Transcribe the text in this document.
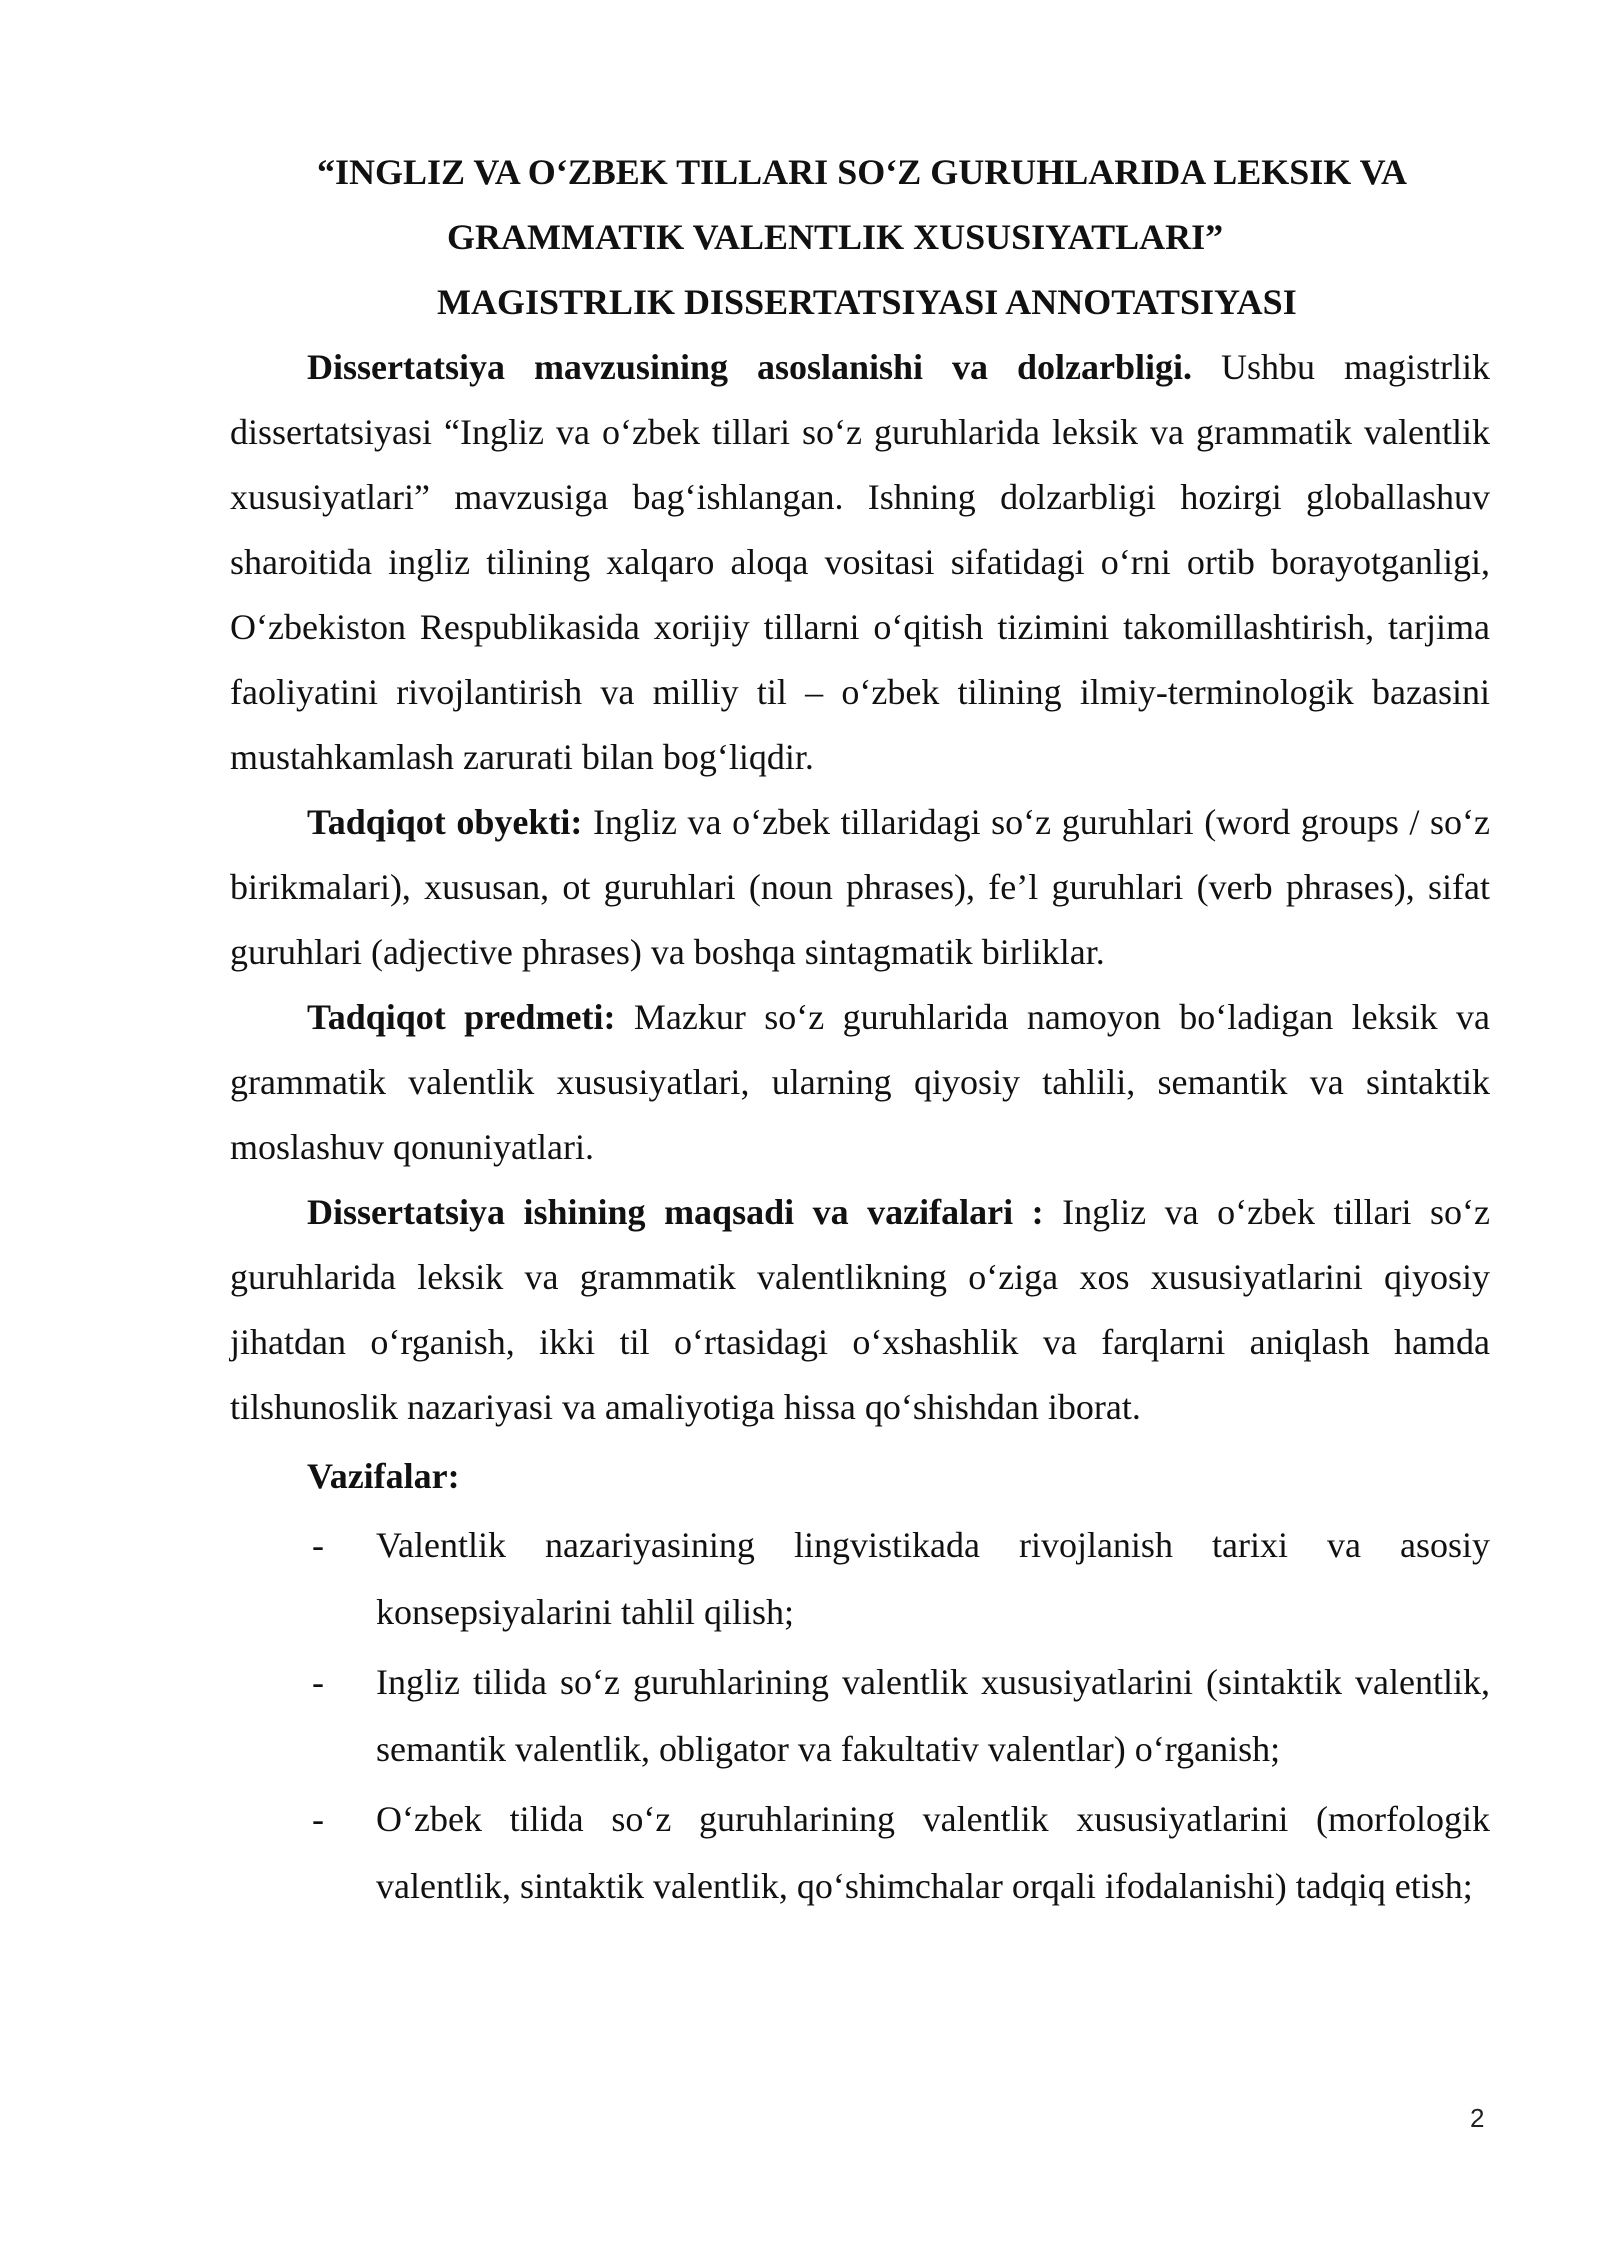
“INGLIZ VA O‘ZBEK TILLARI SO‘Z GURUHLARIDA LEKSIK VA

GRAMMATIK VALENTLIK XUSUSIYATLARI”

MAGISTRLIK DISSERTATSIYASI ANNOTATSIYASI

Dissertatsiya mavzusining asoslanishi va dolzarbligi. Ushbu magistrlik dissertatsiyasi “Ingliz va o‘zbek tillari so‘z guruhlarida leksik va grammatik valentlik xususiyatlari” mavzusiga bag‘ishlangan. Ishning dolzarbligi hozirgi globallashuv sharoitida ingliz tilining xalqaro aloqa vositasi sifatidagi o‘rni ortib borayotganligi, O‘zbekiston Respublikasida xorijiy tillarni o‘qitish tizimini takomillashtirish, tarjima faoliyatini rivojlantirish va milliy til – o‘zbek tilining ilmiy-terminologik bazasini mustahkamlash zarurati bilan bog‘liqdir.

Tadqiqot obyekti: Ingliz va o‘zbek tillaridagi so‘z guruhlari (word groups / so‘z birikmalari), xususan, ot guruhlari (noun phrases), fe’l guruhlari (verb phrases), sifat guruhlari (adjective phrases) va boshqa sintagmatik birliklar.

Tadqiqot predmeti: Mazkur so‘z guruhlarida namoyon bo‘ladigan leksik va grammatik valentlik xususiyatlari, ularning qiyosiy tahlili, semantik va sintaktik moslashuv qonuniyatlari.

Dissertatsiya ishining maqsadi va vazifalari : Ingliz va o‘zbek tillari so‘z guruhlarida leksik va grammatik valentlikning o‘ziga xos xususiyatlarini qiyosiy jihatdan o‘rganish, ikki til o‘rtasidagi o‘xshashlik va farqlarni aniqlash hamda tilshunoslik nazariyasi va amaliyotiga hissa qo‘shishdan iborat.

Vazifalar:

- Valentlik nazariyasining lingvistikada rivojlanish tarixi va asosiy konsepsiyalarini tahlil qilish;
- Ingliz tilida so‘z guruhlarining valentlik xususiyatlarini (sintaktik valentlik, semantik valentlik, obligator va fakultativ valentlar) o‘rganish;
- O‘zbek tilida so‘z guruhlarining valentlik xususiyatlarini (morfologik valentlik, sintaktik valentlik, qo‘shimchalar orqali ifodalanishi) tadqiq etish;
2
